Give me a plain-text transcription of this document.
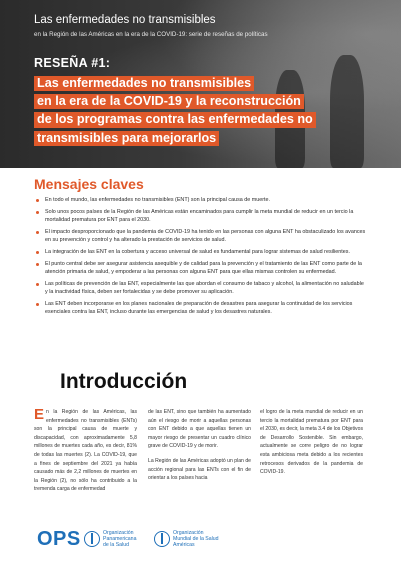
Las enfermedades no transmisibles
en la Región de las Américas en la era de la COVID-19: serie de reseñas de políticas
RESEÑA #1:
Las enfermedades no transmisibles
en la era de la COVID-19 y la reconstrucción
de los programas contra las enfermedades no
transmisibles para mejorarlos
Mensajes claves
En todo el mundo, las enfermedades no transmisibles (ENT) son la principal causa de muerte.
Solo unos pocos países de la Región de las Américas están encaminados para cumplir la meta mundial de reducir en un tercio la mortalidad prematura por ENT para el 2030.
El impacto desproporcionado que la pandemia de COVID-19 ha tenido en las personas con alguna ENT ha obstaculizado los avances en su prevención y control y ha alterado la prestación de servicios de salud.
La integración de las ENT en la cobertura y acceso universal de salud es fundamental para lograr sistemas de salud resilientes.
El punto central debe ser asegurar asistencia asequible y de calidad para la prevención y el tratamiento de las ENT como parte de la atención primaria de salud, y empoderar a las personas con alguna ENT para que ellas mismas controlen su enfermedad.
Las políticas de prevención de las ENT, especialmente las que abordan el consumo de tabaco y alcohol, la alimentación no saludable y la inactividad física, deben ser fortalecidas y se debe promover su aplicación.
Las ENT deben incorporarse en los planes nacionales de preparación de desastres para asegurar la continuidad de los servicios esenciales contra las ENT, incluso durante las emergencias de salud y los desastres naturales.
Introducción
En la Región de las Américas, las enfermedades no transmisibles (ENTs) son la principal causa de muerte y discapacidad, con aproximadamente 5,8 millones de muertes cada año, es decir, 81% de todas las muertes (2). La COVID-19, que a fines de septiembre del 2021 ya había causado más de 2,2 millones de muertes en la Región (2), no sólo ha contribuido a la tremenda carga de enfermedad

de las ENT, sino que también ha aumentado aún el riesgo de morir a aquellas personas con ENT debido a que aquellas tienen un mayor riesgo de presentar un cuadro clínico grave de COVID-19 y de morir.

La Región de las Américas adoptó un plan de acción regional para las ENTs con el fin de orientar a los países hacia

el logro de la meta mundial de reducir en un tercio la mortalidad prematura por ENT para el 2030, es decir, la meta 3.4 de los Objetivos de Desarrollo Sostenible. Sin embargo, actualmente se corre peligro de no lograr esta ambiciosa meta debido a los recientes retrocesos derivados de la pandemia de COVID-19.

OPS	Organización
Panamericana
de la Salud
Organización
Mundial de la Salud
Américas
